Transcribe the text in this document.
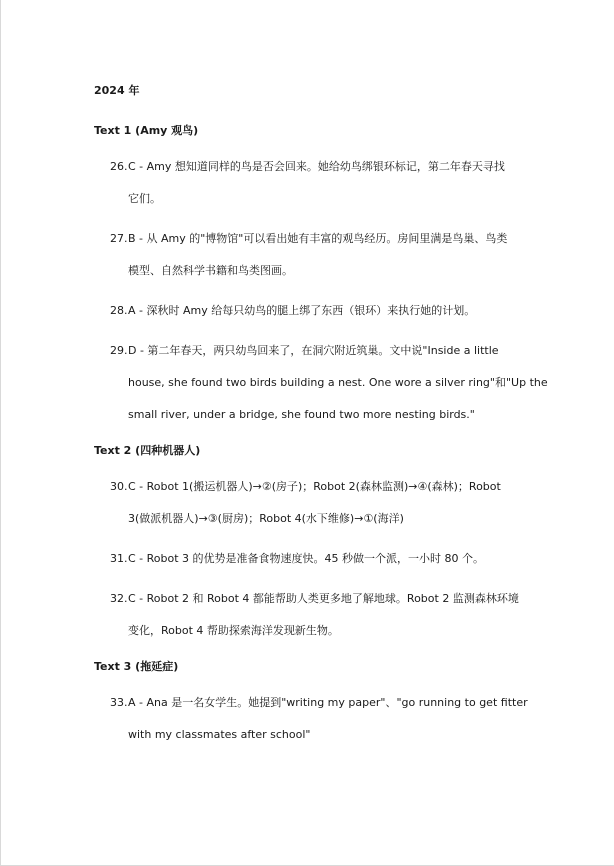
2024 年
Text 1 (Amy 观鸟)
26. C - Amy 想知道同样的鸟是否会回来。她给幼鸟绑银环标记，第二年春天寻找
它们。
27. B - 从 Amy 的"博物馆"可以看出她有丰富的观鸟经历。房间里满是鸟巢、鸟类
模型、自然科学书籍和鸟类图画。
28. A - 深秋时 Amy 给每只幼鸟的腿上绑了东西（银环）来执行她的计划。
29. D - 第二年春天，两只幼鸟回来了，在洞穴附近筑巢。文中说"Inside a little
house, she found two birds building a nest. One wore a silver ring"和"Up the
small river, under a bridge, she found two more nesting birds."
Text 2 (四种机器人)
30. C - Robot 1(搬运机器人)→②(房子)；Robot 2(森林监测)→④(森林)；Robot
3(做派机器人)→③(厨房)；Robot 4(水下维修)→①(海洋)
31. C - Robot 3 的优势是准备食物速度快。45 秒做一个派，一小时 80 个。
32. C - Robot 2 和 Robot 4 都能帮助人类更多地了解地球。Robot 2 监测森林环境
变化，Robot 4 帮助探索海洋发现新生物。
Text 3 (拖延症)
33. A - Ana 是一名女学生。她提到"writing my paper"、"go running to get fitter
with my classmates after school"
